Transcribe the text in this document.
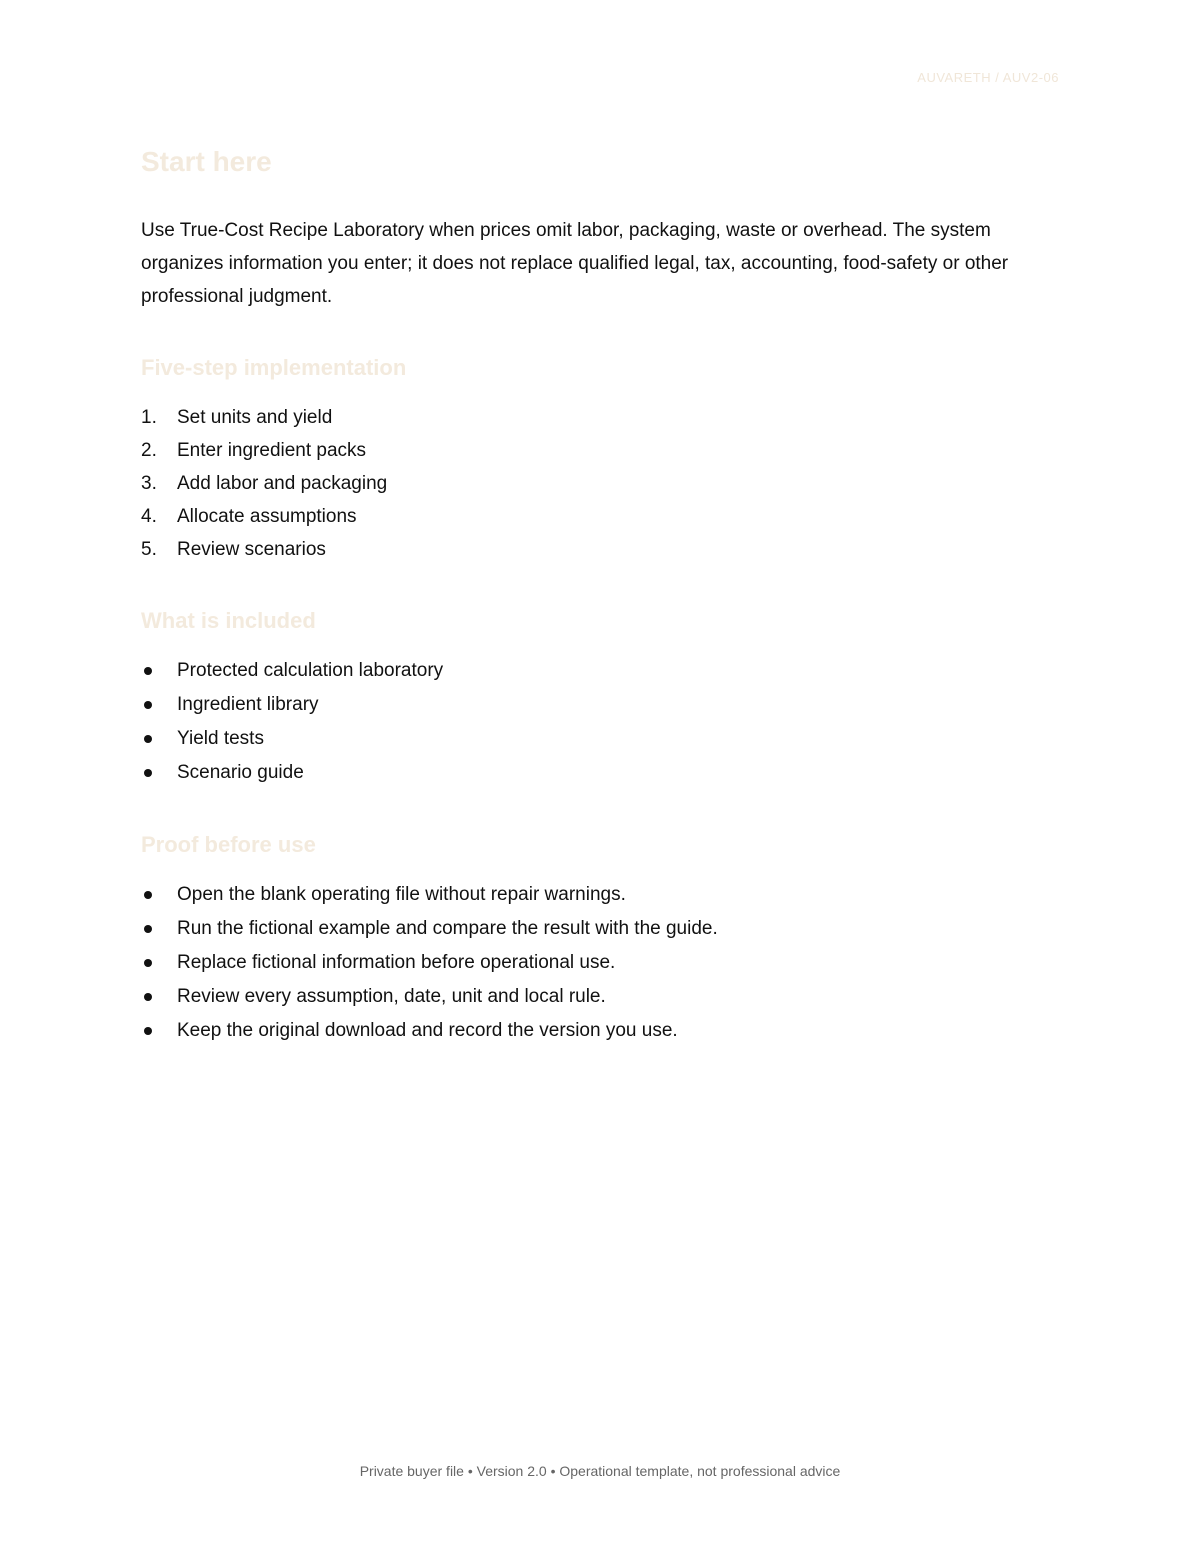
AUVARETH / AUV2-06
Start here

Use True-Cost Recipe Laboratory when prices omit labor, packaging, waste or overhead. The system organizes information you enter; it does not replace qualified legal, tax, accounting, food-safety or other professional judgment.

Five-step implementation
1.	Set units and yield
2.	Enter ingredient packs
3.	Add labor and packaging
4.	Allocate assumptions
5.	Review scenarios
What is included
Protected calculation laboratory
Ingredient library
Yield tests
Scenario guide
Proof before use
Open the blank operating file without repair warnings.
Run the fictional example and compare the result with the guide.
Replace fictional information before operational use.
Review every assumption, date, unit and local rule.
Keep the original download and record the version you use.
Private buyer file • Version 2.0 • Operational template, not professional advice
